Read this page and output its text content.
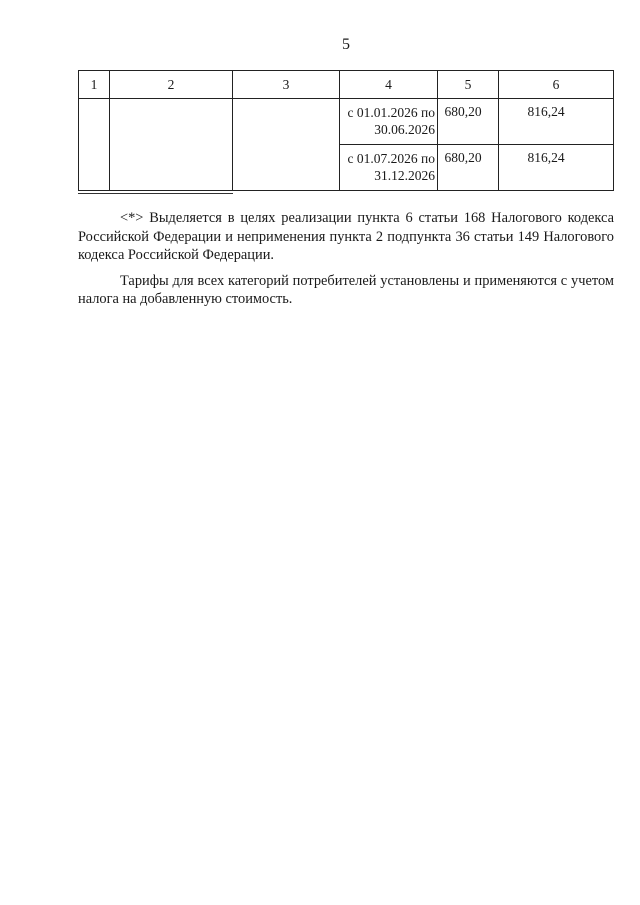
5
1	2	3	4	5	6
			с 01.01.2026 по 30.06.2026	680,20	816,24
			с 01.07.2026 по 31.12.2026	680,20	816,24

<*> Выделяется в целях реализации пункта 6 статьи 168 Налогового кодекса Российской Федерации и неприменения пункта 2 подпункта 36 статьи 149 Налогового кодекса Российской Федерации.

Тарифы для всех категорий потребителей установлены и применяются с учетом налога на добавленную стоимость.
